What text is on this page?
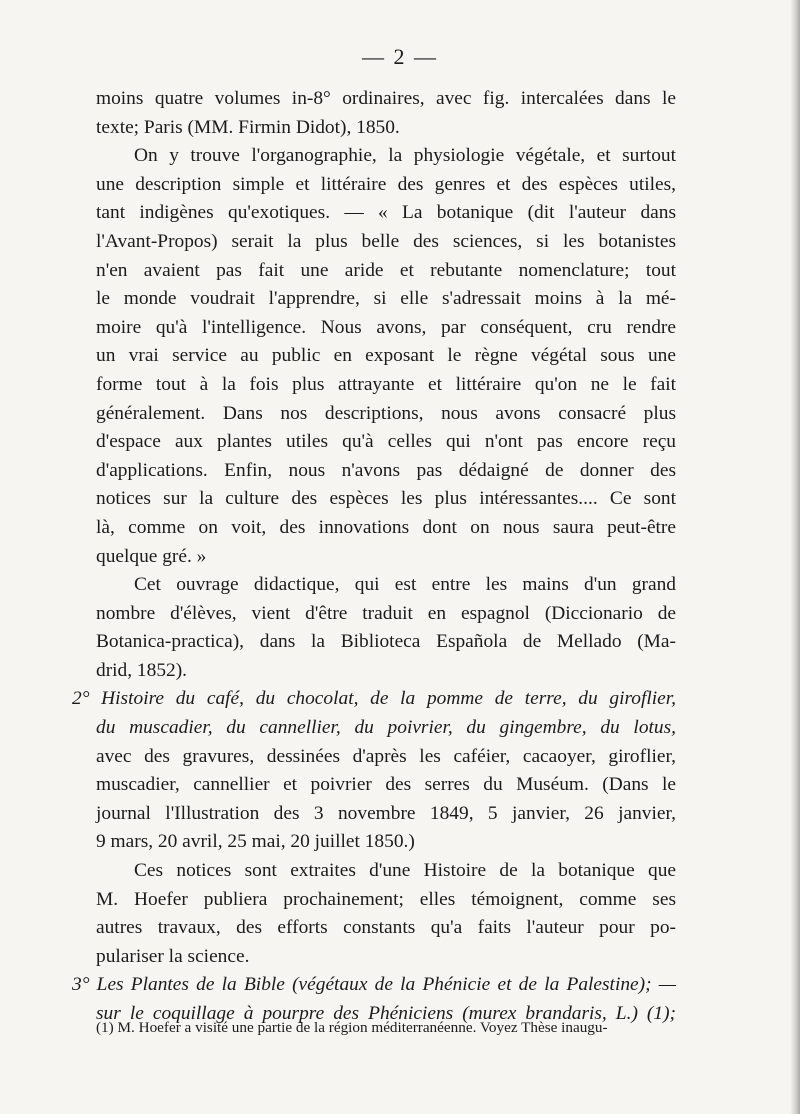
— 2 —

moins quatre volumes in-8° ordinaires, avec fig. intercalées dans le

texte; Paris (MM. Firmin Didot), 1850.

On y trouve l'organographie, la physiologie végétale, et surtout

une description simple et littéraire des genres et des espèces utiles,

tant indigènes qu'exotiques. — « La botanique (dit l'auteur dans

l'Avant-Propos) serait la plus belle des sciences, si les botanistes

n'en avaient pas fait une aride et rebutante nomenclature; tout

le monde voudrait l'apprendre, si elle s'adressait moins à la mé-

moire qu'à l'intelligence. Nous avons, par conséquent, cru rendre

un vrai service au public en exposant le règne végétal sous une

forme tout à la fois plus attrayante et littéraire qu'on ne le fait

généralement. Dans nos descriptions, nous avons consacré plus

d'espace aux plantes utiles qu'à celles qui n'ont pas encore reçu

d'applications. Enfin, nous n'avons pas dédaigné de donner des

notices sur la culture des espèces les plus intéressantes.... Ce sont

là, comme on voit, des innovations dont on nous saura peut-être

quelque gré. »

Cet ouvrage didactique, qui est entre les mains d'un grand

nombre d'élèves, vient d'être traduit en espagnol (Diccionario de

Botanica-practica), dans la Biblioteca Española de Mellado (Ma-

drid, 1852).

2° Histoire du café, du chocolat, de la pomme de terre, du giroflier,

du muscadier, du cannellier, du poivrier, du gingembre, du lotus,

avec des gravures, dessinées d'après les caféier, cacaoyer, giroflier,

muscadier, cannellier et poivrier des serres du Muséum. (Dans le

journal l'Illustration des 3 novembre 1849, 5 janvier, 26 janvier,

9 mars, 20 avril, 25 mai, 20 juillet 1850.)

Ces notices sont extraites d'une Histoire de la botanique que

M. Hoefer publiera prochainement; elles témoignent, comme ses

autres travaux, des efforts constants qu'a faits l'auteur pour po-

pulariser la science.

3° Les Plantes de la Bible (végétaux de la Phénicie et de la Palestine); —

sur le coquillage à pourpre des Phéniciens (murex brandaris, L.) (1);

(1) M. Hoefer a visité une partie de la région méditerranéenne. Voyez Thèse inaugu-
